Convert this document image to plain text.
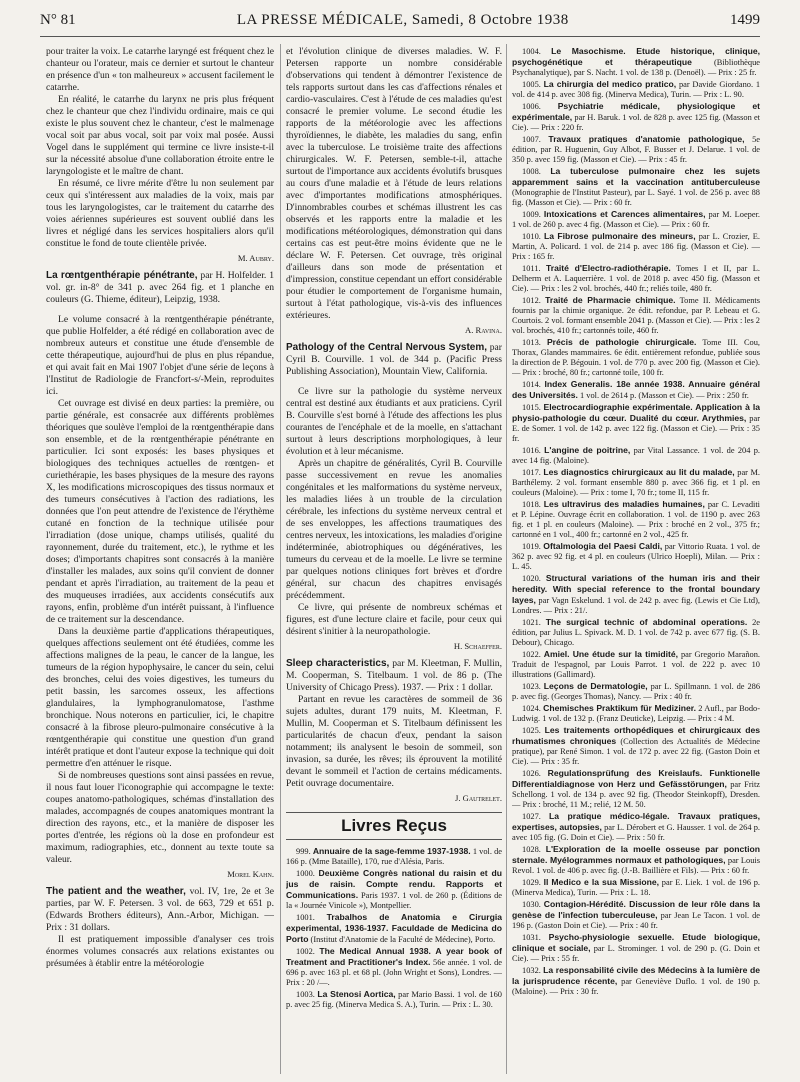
N° 81	LA PRESSE MÉDICALE, Samedi, 8 Octobre 1938	1499

pour traiter la voix. Le catarrhe laryngé est fréquent chez le chanteur ou l'orateur, mais ce dernier et surtout le chanteur en présence d'un « ton malheureux » accusent facilement le catarrhe.

En réalité, le catarrhe du larynx ne pris plus fréquent chez le chanteur que chez l'individu ordinaire, mais ce qui existe le plus souvent chez le chanteur, c'est le malmenage vocal soit par abus vocal, soit par voix mal posée. Aussi Vogel dans le supplément qui termine ce livre insiste-t-il sur la nécessité absolue d'une collaboration étroite entre le laryngologiste et le maître de chant.

En résumé, ce livre mérite d'être lu non seulement par ceux qui s'intéressent aux maladies de la voix, mais par tous les laryngologistes, car le traitement du catarrhe des voies aériennes supérieures est souvent oublié dans les livres et négligé dans les services hospitaliers alors qu'il constitue le fond de toute clientèle privée.

M. Aubry.

La rœntgenthérapie pénétrante, par H. Holfelder. 1 vol. gr. in-8° de 341 p. avec 264 fig. et 1 planche en couleurs (G. Thieme, éditeur), Leipzig, 1938.

Le volume consacré à la rœntgenthérapie pénétrante, que publie Holfelder, a été rédigé en collaboration avec de nombreux auteurs et constitue une étude d'ensemble de cette thérapeutique, aujourd'hui de plus en plus répandue, et qui avait fait en Mai 1907 l'objet d'une série de leçons à l'Institut de Radiologie de Francfort-s/-Mein, reproduites ici.

Cet ouvrage est divisé en deux parties: la première, ou partie générale, est consacrée aux différents problèmes théoriques que soulève l'emploi de la rœntgenthérapie dans son ensemble, et de la rœntgenthérapie pénétrante en particulier. Ici sont exposés: les bases physiques et biologiques des techniques actuelles de rœntgen- et curiethérapie, les bases physiques de la mesure des rayons X, les modifications microscopiques des tissus normaux et des tumeurs consécutives à l'action des radiations, les données que l'on peut attendre de l'existence de l'érythème cutané en fonction de la technique utilisée pour l'irradiation (dose unique, champs utilisés, qualité du rayonnement, durée du traitement, etc.), le rythme et les doses; d'importants chapitres sont consacrés à la manière d'installer les malades, aux soins qu'il convient de donner pendant et après l'irradiation, au traitement de la peau et des muqueuses irradiées, aux accidents consécutifs aux rayons, enfin, problème d'un intérêt puissant, à l'influence de ce traitement sur la descendance.

Dans la deuxième partie d'applications thérapeutiques, quelques affections seulement ont été étudiées, comme les affections malignes de la peau, le cancer de la langue, les tumeurs de la région hypophysaire, le cancer du sein, celui des bronches, celui des voies digestives, les tumeurs du petit bassin, les sarcomes osseux, les affections glandulaires, la lymphogranulomatose, l'asthme bronchique. Nous noterons en particulier, ici, le chapitre consacré à la fibrose pleuro-pulmonaire consécutive à la rœntgenthérapie qui constitue une question d'un grand intérêt pratique et dont l'auteur expose la technique qui doit permettre d'en atténuer le risque.

Si de nombreuses questions sont ainsi passées en revue, il nous faut louer l'iconographie qui accompagne le texte: coupes anatomo-pathologiques, schémas d'installation des malades, accompagnés de coupes anatomiques montrant la direction des rayons, etc., et la manière de disposer les portes d'entrée, les régions où la dose en profondeur est maximum, radiographies, etc., donnent au texte toute sa valeur.

Morel Kahn.

The patient and the weather, vol. IV, 1re, 2e et 3e parties, par W. F. Petersen. 3 vol. de 663, 729 et 651 p. (Edwards Brothers éditeurs), Ann.-Arbor, Michigan. — Prix : 31 dollars.

Il est pratiquement impossible d'analyser ces trois énormes volumes consacrés aux relations existantes ou présumées à établir entre la météorologie

et l'évolution clinique de diverses maladies. W. F. Petersen rapporte un nombre considérable d'observations qui tendent à démontrer l'existence de tels rapports surtout dans les cas d'affections rénales et cardio-vasculaires. C'est à l'étude de ces maladies qu'est consacré le premier volume. Le second étudie les rapports de la météorologie avec les affections thyroïdiennes, le diabète, les maladies du sang, enfin avec la tuberculose. Le troisième traite des affections chirurgicales. W. F. Petersen, semble-t-il, attache surtout de l'importance aux accidents évolutifs brusques au cours d'une maladie et à l'étude de leurs relations avec d'importantes modifications atmosphériques. D'innombrables courbes et schémas illustrent les cas observés et les rapports entre la maladie et les modifications météorologiques, démonstration qui dans certains cas est peut-être moins évidente que ne le déclare W. F. Petersen. Cet ouvrage, très original d'ailleurs dans son mode de présentation et d'impression, constitue cependant un effort considérable pour étudier le comportement de l'organisme humain, surtout à l'état pathologique, vis-à-vis des influences extérieures.

A. Ravina.

Pathology of the Central Nervous System, par Cyril B. Courville. 1 vol. de 344 p. (Pacific Press Publishing Association), Mountain View, California.

Ce livre sur la pathologie du système nerveux central est destiné aux étudiants et aux praticiens. Cyril B. Courville s'est borné à l'étude des affections les plus courantes de l'encéphale et de la moelle, en s'attachant surtout à leurs descriptions morphologiques, à leur évolution et à leur mécanisme.

Après un chapitre de généralités, Cyril B. Courville passe successivement en revue les anomalies congénitales et les malformations du système nerveux, les maladies liées à un trouble de la circulation cérébrale, les infections du système nerveux central et de ses enveloppes, les affections traumatiques des centres nerveux, les intoxications, les maladies d'origine indéterminée, abiotrophiques ou dégénératives, les tumeurs du cerveau et de la moelle. Le livre se termine par quelques notions cliniques fort brèves et d'ordre général, sur chacun des chapitres envisagés précédemment.

Ce livre, qui présente de nombreux schémas et figures, est d'une lecture claire et facile, pour ceux qui désirent s'initier à la neuropathologie.

H. Schaeffer.

Sleep characteristics, par M. Kleetman, F. Mullin, M. Cooperman, S. Titelbaum. 1 vol. de 86 p. (The University of Chicago Press). 1937. — Prix : 1 dollar.

Partant en revue les caractères de sommeil de 36 sujets adultes, durant 179 nuits, M. Kleetman, F. Mullin, M. Cooperman et S. Titelbaum définissent les particularités de chacun d'eux, pendant la saison notamment; ils analysent le besoin de sommeil, son invasion, sa durée, les rêves; ils éprouvent la motilité devant le sommeil et l'action de certains médicaments. Petit ouvrage documentaire.

J. Gautrelet.

Livres Reçus

999. Annuaire de la sage-femme 1937-1938. 1 vol. de 166 p. (Mme Bataille), 170, rue d'Alésia, Paris.

1000. Deuxième Congrès national du raisin et du jus de raisin. Compte rendu. Rapports et Communications. Paris 1937. 1 vol. de 260 p. (Éditions de la « Journée Vinicole »), Montpellier.

1001. Trabalhos de Anatomia e Cirurgia experimental, 1936-1937. Faculdade de Medicina do Porto (Institut d'Anatomie de la Faculté de Médecine), Porto.

1002. The Medical Annual 1938. A year book of Treatment and Practitioner's Index. 56e année. 1 vol. de 696 p. avec 163 pl. et 68 pl. (John Wright et Sons), Londres. — Prix : 20 /—.

1003. La Stenosi Aortica, par Mario Bassi. 1 vol. de 160 p. avec 25 fig. (Minerva Medica S. A.), Turin. — Prix : L. 30.

1004. Le Masochisme. Etude historique, clinique, psychogénétique et thérapeutique	(Bibliothèque Psychanalytique), par S. Nacht. 1 vol. de 138 p. (Denoël). — Prix : 25 fr.

1005. La chirurgia del medico pratico, par Davide Giordano. 1 vol. de 414 p. avec 308 fig. (Minerva Medica), Turin. — Prix : L. 90.

1006. Psychiatrie médicale, physiologique et expérimentale, par H. Baruk. 1 vol. de 828 p. avec 125 fig. (Masson et Cie). — Prix : 220 fr.

1007. Travaux pratiques d'anatomie pathologique, 5e édition, par R. Huguenin, Guy Albot, F. Busser et J. Delarue. 1 vol. de 350 p. avec 159 fig. (Masson et Cie). — Prix : 45 fr.

1008. La tuberculose pulmonaire chez les sujets apparemment sains et la vaccination antituberculeuse (Monographie de l'Institut Pasteur), par L. Sayé. 1 vol. de 256 p. avec 88 fig. (Masson et Cie). — Prix : 60 fr.

1009. Intoxications et Carences alimentaires, par M. Loeper. 1 vol. de 260 p. avec 4 fig. (Masson et Cie). — Prix : 60 fr.

1010. La Fibrose pulmonaire des mineurs, par L. Crozier, E. Martin, A. Policard. 1 vol. de 214 p. avec 186 fig. (Masson et Cie). — Prix : 165 fr.

1011. Traité d'Electro-radiothérapie. Tomes I et II, par L. Delherm et A. Laquerrière. 1 vol. de 2018 p. avec 450 fig. (Masson et Cie). — Prix : les 2 vol. brochés, 440 fr.; reliés toile, 480 fr.

1012. Traité de Pharmacie chimique. Tome II. Médicaments fournis par la chimie organique. 2e édit. refondue, par P. Lebeau et G. Courtois. 2 vol. formant ensemble 2041 p. (Masson et Cie). — Prix : les 2 vol. brochés, 410 fr.; cartonnés toile, 460 fr.

1013. Précis de pathologie chirurgicale. Tome III. Cou, Thorax, Glandes mammaires. 6e édit. entièrement refondue, publiée sous la direction de P. Bégouin. 1 vol. de 770 p. avec 200 fig. (Masson et Cie). — Prix : broché, 80 fr.; cartonné toile, 100 fr.

1014. Index Generalis. 18e année 1938. Annuaire général des Universités. 1 vol. de 2614 p. (Masson et Cie). — Prix : 250 fr.

1015. Electrocardiographie expérimentale. Application à la physio-pathologie du cœur. Dualité du cœur. Arythmies, par E. de Somer. 1 vol. de 142 p. avec 122 fig. (Masson et Cie). — Prix : 35 fr.

1016. L'angine de poitrine, par Vital Lassance. 1 vol. de 204 p. avec 14 fig. (Maloine).

1017. Les diagnostics chirurgicaux au lit du malade, par M. Barthélemy. 2 vol. formant ensemble 880 p. avec 366 fig. et 1 pl. en couleurs (Maloine). — Prix : tome I, 70 fr.; tome II, 115 fr.

1018. Les ultravirus des maladies humaines, par C. Levaditi et P. Lépine. Ouvrage écrit en collaboration. 1 vol. de 1190 p. avec 263 fig. et 1 pl. en couleurs (Maloine). — Prix : broché en 2 vol., 375 fr.; cartonné en 1 vol., 400 fr.; cartonné en 2 vol., 425 fr.

1019. Oftalmologia del Paesi Caldi, par Vittorio Ruata. 1 vol. de 362 p. avec 92 fig. et 4 pl. en couleurs (Ulrico Hoepli), Milan. — Prix : L. 45.

1020. Structural variations of the human iris and their heredity. With special reference to the frontal boundary layes, par Vagn Eskelund. 1 vol. de 242 p. avec fig. (Lewis et Cie Ltd), Londres. — Prix : 21/.

1021. The surgical technic of abdominal operations. 2e édition, par Julius L. Spivack. M. D. 1 vol. de 742 p. avec 677 fig. (S. B. Debour), Chicago.

1022. Amiel. Une étude sur la timidité, par Gregorio Marañon. Traduit de l'espagnol, par Louis Parrot. 1 vol. de 222 p. avec 10 illustrations (Gallimard).

1023. Leçons de Dermatologie, par L. Spillmann. 1 vol. de 286 p. avec fig. (Georges Thomas), Nancy. — Prix : 40 fr.

1024. Chemisches Praktikum für Mediziner. 2 Aufl., par Bodo-Ludwig. 1 vol. de 132 p. (Franz Deuticke), Leipzig. — Prix : 4 M.

1025. Les traitements orthopédiques et chirurgicaux des rhumatismes chroniques (Collection des Actualités de Médecine pratique), par René Simon. 1 vol. de 172 p. avec 22 fig. (Gaston Doin et Cie). — Prix : 35 fr.

1026. Regulationsprüfung des Kreislaufs. Funktionelle Differentialdiagnose von Herz und Gefässtörungen, par Fritz Schellong. 1 vol. de 134 p. avec 92 fig. (Theodor Steinkopff), Dresden. — Prix : broché, 11 M.; relié, 12 M. 50.

1027. La pratique médico-légale. Travaux pratiques, expertises, autopsies, par L. Dérobert et G. Hausser. 1 vol. de 264 p. avec 105 fig. (G. Doin et Cie). — Prix : 50 fr.

1028. L'Exploration de la moelle osseuse par ponction sternale. Myélogrammes normaux et pathologiques, par Louis Revol. 1 vol. de 406 p. avec fig. (J.-B. Baillière et Fils). — Prix : 60 fr.

1029. Il Medico e la sua Missione, par E. Liek. 1 vol. de 196 p. (Minerva Medica), Turin. — Prix : L. 18.

1030. Contagion-Hérédité. Discussion de leur rôle dans la genèse de l'infection tuberculeuse, par Jean Le Tacon. 1 vol. de 196 p. (Gaston Doin et Cie). — Prix : 40 fr.

1031. Psycho-physiologie sexuelle. Etude biologique, clinique et sociale, par L. Strominger. 1 vol. de 290 p. (G. Doin et Cie). — Prix : 55 fr.

1032. La responsabilité civile des Médecins à la lumière de la jurisprudence récente, par Geneviève Duflo. 1 vol. de 190 p. (Maloine). — Prix : 30 fr.
